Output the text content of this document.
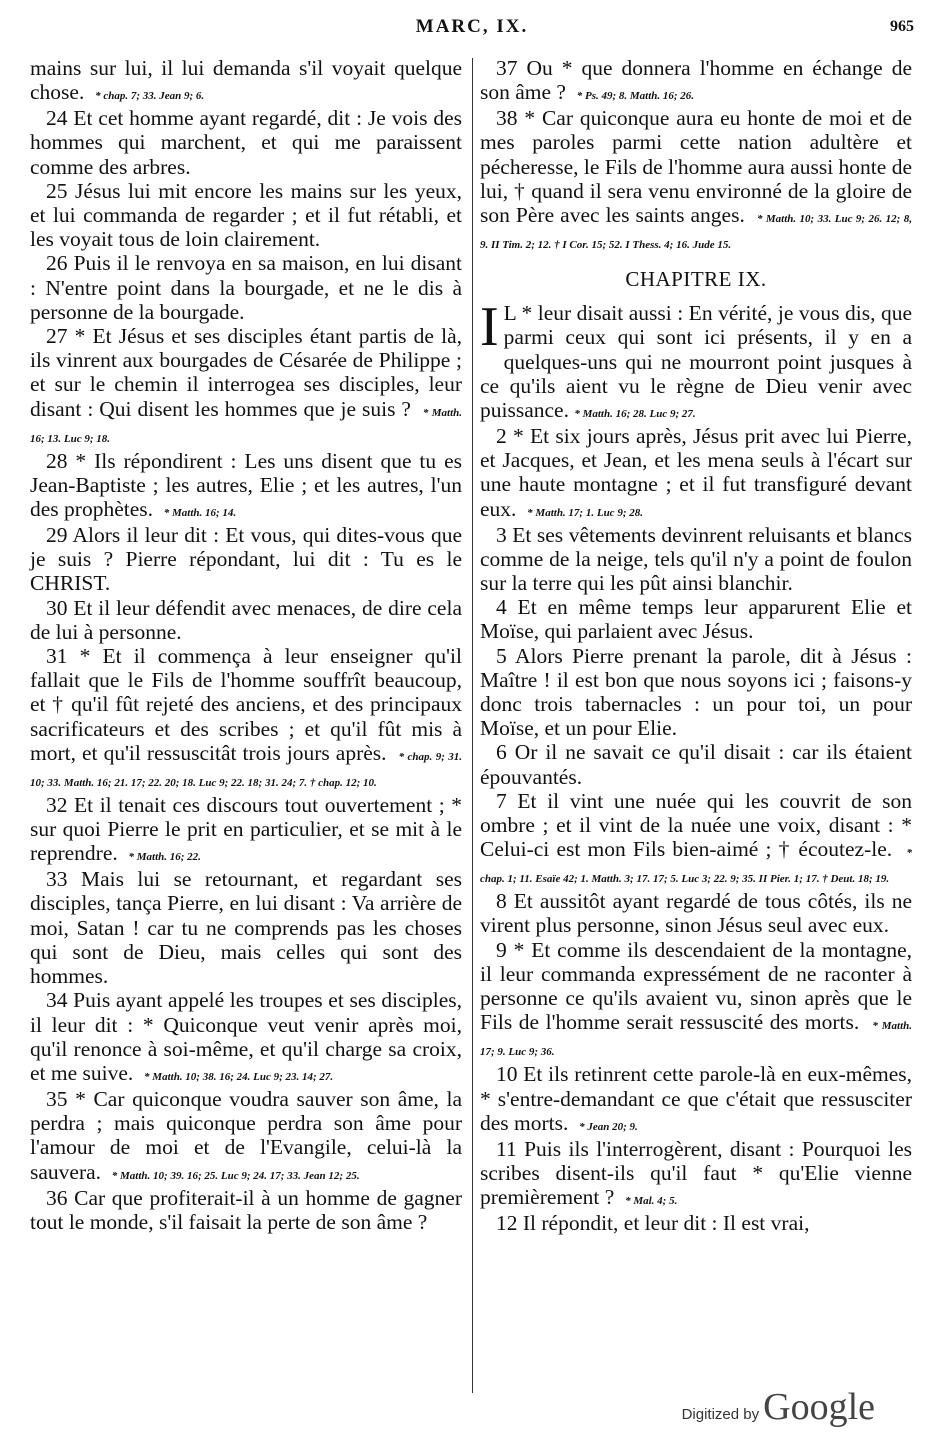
MARC, IX.	965

mains sur lui, il lui demanda s'il voyait quelque chose. * chap. 7; 33. Jean 9; 6.

24 Et cet homme ayant regardé, dit : Je vois des hommes qui marchent, et qui me paraissent comme des arbres.

25 Jésus lui mit encore les mains sur les yeux, et lui commanda de regarder ; et il fut rétabli, et les voyait tous de loin clairement.

26 Puis il le renvoya en sa maison, en lui disant : N'entre point dans la bourgade, et ne le dis à personne de la bourgade.

27 * Et Jésus et ses disciples étant partis de là, ils vinrent aux bourgades de Césarée de Philippe ; et sur le chemin il interrogea ses disciples, leur disant : Qui disent les hommes que je suis ? * Matth. 16; 13. Luc 9; 18.

28 * Ils répondirent : Les uns disent que tu es Jean-Baptiste ; les autres, Elie ; et les autres, l'un des prophètes. * Matth. 16; 14.

29 Alors il leur dit : Et vous, qui dites-vous que je suis ? Pierre répondant, lui dit : Tu es le CHRIST.

30 Et il leur défendit avec menaces, de dire cela de lui à personne.

31 * Et il commença à leur enseigner qu'il fallait que le Fils de l'homme souffrît beaucoup, et † qu'il fût rejeté des anciens, et des principaux sacrificateurs et des scribes ; et qu'il fût mis à mort, et qu'il ressuscitât trois jours après. * chap. 9; 31. 10; 33. Matth. 16; 21. 17; 22. 20; 18. Luc 9; 22. 18; 31. 24; 7. † chap. 12; 10.

32 Et il tenait ces discours tout ouvertement ; * sur quoi Pierre le prit en particulier, et se mit à le reprendre. * Matth. 16; 22.

33 Mais lui se retournant, et regardant ses disciples, tança Pierre, en lui disant : Va arrière de moi, Satan ! car tu ne comprends pas les choses qui sont de Dieu, mais celles qui sont des hommes.

34 Puis ayant appelé les troupes et ses disciples, il leur dit : * Quiconque veut venir après moi, qu'il renonce à soi-même, et qu'il charge sa croix, et me suive. * Matth. 10; 38. 16; 24. Luc 9; 23. 14; 27.

35 * Car quiconque voudra sauver son âme, la perdra ; mais quiconque perdra son âme pour l'amour de moi et de l'Evangile, celui-là la sauvera. * Matth. 10; 39. 16; 25. Luc 9; 24. 17; 33. Jean 12; 25.

36 Car que profiterait-il à un homme de gagner tout le monde, s'il faisait la perte de son âme ?

37 Ou * que donnera l'homme en échange de son âme ? * Ps. 49; 8. Matth. 16; 26.

38 * Car quiconque aura eu honte de moi et de mes paroles parmi cette nation adultère et pécheresse, le Fils de l'homme aura aussi honte de lui, † quand il sera venu environné de la gloire de son Père avec les saints anges. * Matth. 10; 33. Luc 9; 26. 12; 8, 9. II Tim. 2; 12. † I Cor. 15; 52. I Thess. 4; 16. Jude 15.

CHAPITRE IX.

I L * leur disait aussi : En vérité, je vous dis, que parmi ceux qui sont ici présents, il y en a quelques-uns qui ne mourront point jusques à ce qu'ils aient vu le règne de Dieu venir avec puissance. * Matth. 16; 28. Luc 9; 27.

2 * Et six jours après, Jésus prit avec lui Pierre, et Jacques, et Jean, et les mena seuls à l'écart sur une haute montagne ; et il fut transfiguré devant eux. * Matth. 17; 1. Luc 9; 28.

3 Et ses vêtements devinrent reluisants et blancs comme de la neige, tels qu'il n'y a point de foulon sur la terre qui les pût ainsi blanchir.

4 Et en même temps leur apparurent Elie et Moïse, qui parlaient avec Jésus.

5 Alors Pierre prenant la parole, dit à Jésus : Maître ! il est bon que nous soyons ici ; faisons-y donc trois tabernacles : un pour toi, un pour Moïse, et un pour Elie.

6 Or il ne savait ce qu'il disait : car ils étaient épouvantés.

7 Et il vint une nuée qui les couvrit de son ombre ; et il vint de la nuée une voix, disant : * Celui-ci est mon Fils bien-aimé ; † écoutez-le. * chap. 1; 11. Esaïe 42; 1. Matth. 3; 17. 17; 5. Luc 3; 22. 9; 35. II Pier. 1; 17. † Deut. 18; 19.

8 Et aussitôt ayant regardé de tous côtés, ils ne virent plus personne, sinon Jésus seul avec eux.

9 * Et comme ils descendaient de la montagne, il leur commanda expressément de ne raconter à personne ce qu'ils avaient vu, sinon après que le Fils de l'homme serait ressuscité des morts. * Matth. 17; 9. Luc 9; 36.

10 Et ils retinrent cette parole-là en eux-mêmes, * s'entre-demandant ce que c'était que ressusciter des morts. * Jean 20; 9.

11 Puis ils l'interrogèrent, disant : Pourquoi les scribes disent-ils qu'il faut * qu'Elie vienne premièrement ? * Mal. 4; 5.

12 Il répondit, et leur dit : Il est vrai,

Digitized by Google
